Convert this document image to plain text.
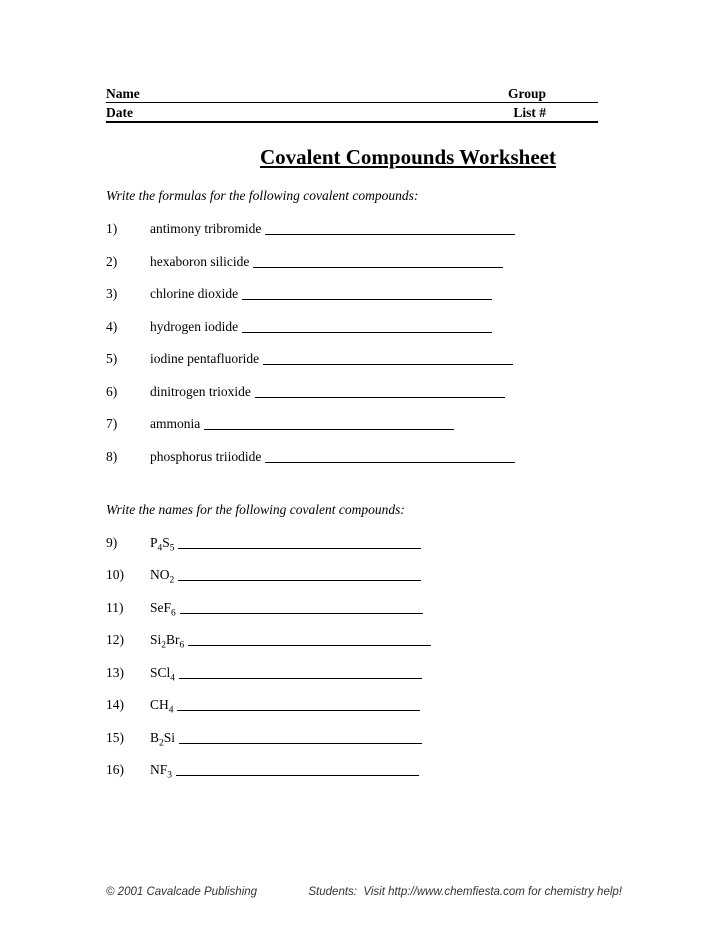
Name	Group
Date	List #
Covalent Compounds Worksheet

Write the formulas for the following covalent compounds:

1) antimony tribromide
2) hexaboron silicide
3) chlorine dioxide
4) hydrogen iodide
5) iodine pentafluoride
6) dinitrogen trioxide
7) ammonia
8) phosphorus triiodide

Write the names for the following covalent compounds:

9) $P_4S_5$
10) $NO_2$
11) SeF$_6$
12) $Si_2Br_6$
13) SCl$_4$
14) $CH_4$
15) $B_2Si$
16) $NF_3$
© 2001 Cavalcade Publishing	Students:  Visit http://www.chemfiesta.com for chemistry help!
